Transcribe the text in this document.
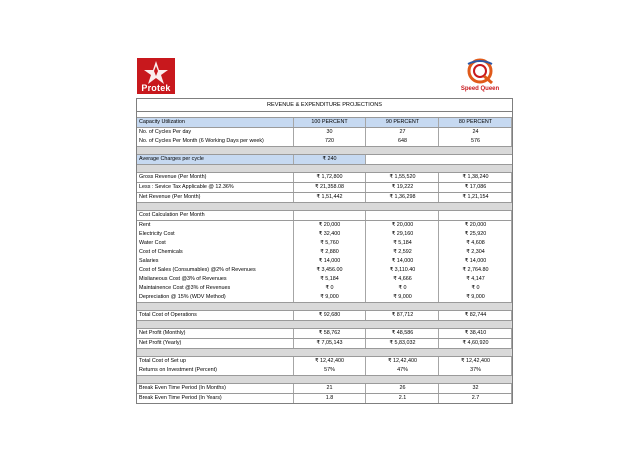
Protek	Speed Queen
REVENUE & EXPENDITURE PROJECTIONS
Capacity Utilization	100 PERCENT	90 PERCENT	80 PERCENT
No. of Cycles Per day	30	27	24
No. of Cycles Per Month (6 Working Days per week)	720	648	576
Average Charges per cycle	₹ 240
Gross Revenue (Per Month)	₹ 1,72,800	₹ 1,55,520	₹ 1,38,240
Less : Sevice Tax Applicable @ 12.36%	₹ 21,358.08	₹ 19,222	₹ 17,086
Net Revenue (Per Month)	₹ 1,51,442	₹ 1,36,298	₹ 1,21,154
Cost Calculation Per Month
Rent	₹ 20,000	₹ 20,000	₹ 20,000
Electricity Cost	₹ 32,400	₹ 29,160	₹ 25,920
Water Cost	₹ 5,760	₹ 5,184	₹ 4,608
Cost of Chemicals	₹ 2,880	₹ 2,592	₹ 2,304
Salaries	₹ 14,000	₹ 14,000	₹ 14,000
Cost of Sales (Consumables) @2% of Revenues	₹ 3,456.00	₹ 3,110.40	₹ 2,764.80
Mislianeous Cost @3% of Revenues	₹ 5,184	₹ 4,666	₹ 4,147
Maintainence Cost @3% of Revenues	₹ 0	₹ 0	₹ 0
Depreciation @ 15% (WDV Method)	₹ 9,000	₹ 9,000	₹ 9,000
Total Cost of Operations	₹ 92,680	₹ 87,712	₹ 82,744
Net Profit (Monthly)	₹ 58,762	₹ 48,586	₹ 38,410
Net Profit (Yearly)	₹ 7,05,143	₹ 5,83,032	₹ 4,60,920
Total Cost of Set up	₹ 12,42,400	₹ 12,42,400	₹ 12,42,400
Returns on Investment (Percent)	57%	47%	37%
Break Even Time Period (In Months)	21	26	32
Break Even Time Period (In Years)	1.8	2.1	2.7
